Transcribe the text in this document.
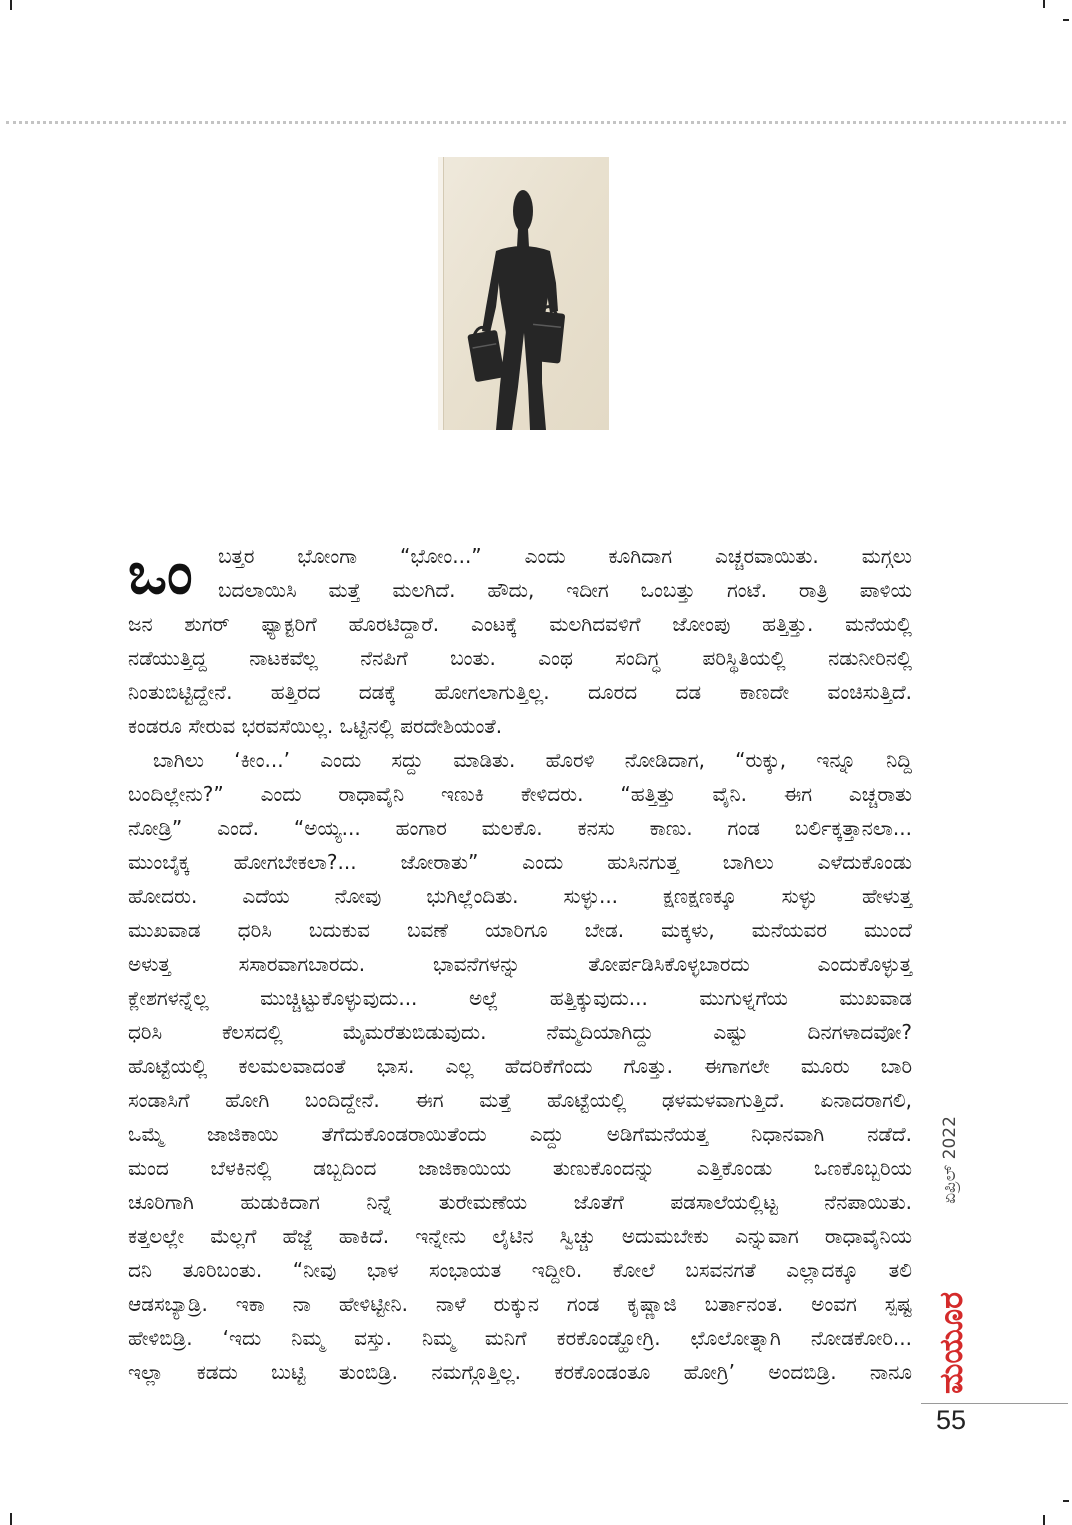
ಒಂ	ಬತ್ತರ ಭೋಂಗಾ “ಭೋಂ...” ಎಂದು ಕೂಗಿದಾಗ ಎಚ್ಚರವಾಯಿತು. ಮಗ್ಗಲು
ಬದಲಾಯಿಸಿ ಮತ್ತೆ ಮಲಗಿದೆ. ಹೌದು, ಇದೀಗ ಒಂಬತ್ತು ಗಂಟೆ. ರಾತ್ರಿ ಪಾಳಿಯ
ಜನ ಶುಗರ್ ಫ್ಯಾಕ್ಟರಿಗೆ ಹೊರಟಿದ್ದಾರೆ. ಎಂಟಕ್ಕೆ ಮಲಗಿದವಳಿಗೆ ಜೋಂಪು ಹತ್ತಿತ್ತು. ಮನೆಯಲ್ಲಿ
ನಡೆಯುತ್ತಿದ್ದ ನಾಟಕವೆಲ್ಲ ನೆನಪಿಗೆ ಬಂತು. ಎಂಥ ಸಂದಿಗ್ಧ ಪರಿಸ್ಥಿತಿಯಲ್ಲಿ ನಡುನೀರಿನಲ್ಲಿ
ನಿಂತುಬಿಟ್ಟಿದ್ದೇನೆ. ಹತ್ತಿರದ ದಡಕ್ಕೆ ಹೋಗಲಾಗುತ್ತಿಲ್ಲ. ದೂರದ ದಡ ಕಾಣದೇ ವಂಚಿಸುತ್ತಿದೆ.
ಕಂಡರೂ ಸೇರುವ ಭರವಸೆಯಿಲ್ಲ. ಒಟ್ಟಿನಲ್ಲಿ ಪರದೇಶಿಯಂತೆ.
ಬಾಗಿಲು ‘ಕೀಂ...’ ಎಂದು ಸದ್ದು ಮಾಡಿತು. ಹೊರಳಿ ನೋಡಿದಾಗ, “ರುಕ್ಕು, ಇನ್ನೂ ನಿದ್ದಿ
ಬಂದಿಲ್ಲೇನು?” ಎಂದು ರಾಧಾವೈನಿ ಇಣುಕಿ ಕೇಳಿದರು. “ಹತ್ತಿತ್ತು ವೈನಿ. ಈಗ ಎಚ್ಚರಾತು
ನೋಡ್ರಿ” ಎಂದೆ. “ಅಯ್ಯ... ಹಂಗಾರ ಮಲಕೊ. ಕನಸು ಕಾಣು. ಗಂಡ ಬರ್ಲಿಕ್ಕತ್ತಾನಲಾ...
ಮುಂಬೈಕ್ಕ ಹೋಗಬೇಕಲಾ?... ಜೋರಾತು” ಎಂದು ಹುಸಿನಗುತ್ತ ಬಾಗಿಲು ಎಳೆದುಕೊಂಡು
ಹೋದರು. ಎದೆಯ ನೋವು ಭುಗಿಲ್ಲೆಂದಿತು. ಸುಳ್ಳು... ಕ್ಷಣಕ್ಷಣಕ್ಕೂ ಸುಳ್ಳು ಹೇಳುತ್ತ
ಮುಖವಾಡ ಧರಿಸಿ ಬದುಕುವ ಬವಣೆ ಯಾರಿಗೂ ಬೇಡ. ಮಕ್ಕಳು, ಮನೆಯವರ ಮುಂದೆ
ಅಳುತ್ತ ಸಸಾರವಾಗಬಾರದು. ಭಾವನೆಗಳನ್ನು ತೋರ್ಪಡಿಸಿಕೊಳ್ಳಬಾರದು ಎಂದುಕೊಳ್ಳುತ್ತ
ಕ್ಲೇಶಗಳನ್ನೆಲ್ಲ ಮುಚ್ಚಿಟ್ಟುಕೊಳ್ಳುವುದು... ಅಲ್ಲೆ ಹತ್ತಿಕ್ಕುವುದು... ಮುಗುಳ್ನಗೆಯ ಮುಖವಾಡ
ಧರಿಸಿ ಕೆಲಸದಲ್ಲಿ ಮೈಮರೆತುಬಿಡುವುದು. ನೆಮ್ಮದಿಯಾಗಿದ್ದು ಎಷ್ಟು ದಿನಗಳಾದವೋ?
ಹೊಟ್ಟೆಯಲ್ಲಿ ಕಲಮಲವಾದಂತೆ ಭಾಸ. ಎಲ್ಲ ಹೆದರಿಕೆಗೆಂದು ಗೊತ್ತು. ಈಗಾಗಲೇ ಮೂರು ಬಾರಿ
ಸಂಡಾಸಿಗೆ ಹೋಗಿ ಬಂದಿದ್ದೇನೆ. ಈಗ ಮತ್ತೆ ಹೊಟ್ಟೆಯಲ್ಲಿ ಢಳಮಳವಾಗುತ್ತಿದೆ. ಏನಾದರಾಗಲಿ,
ಒಮ್ಮೆ ಜಾಜಿಕಾಯಿ ತೆಗೆದುಕೊಂಡರಾಯಿತೆಂದು ಎದ್ದು ಅಡಿಗೆಮನೆಯತ್ತ ನಿಧಾನವಾಗಿ ನಡೆದೆ.
ಮಂದ ಬೆಳಕಿನಲ್ಲಿ ಡಬ್ಬದಿಂದ ಜಾಜಿಕಾಯಿಯ ತುಣುಕೊಂದನ್ನು ಎತ್ತಿಕೊಂಡು ಒಣಕೊಬ್ಬರಿಯ
ಚೂರಿಗಾಗಿ ಹುಡುಕಿದಾಗ ನಿನ್ನೆ ತುರೇಮಣೆಯ ಜೊತೆಗೆ ಪಡಸಾಲೆಯಲ್ಲಿಟ್ಟ ನೆನಪಾಯಿತು.
ಕತ್ತಲಲ್ಲೇ ಮೆಲ್ಲಗೆ ಹೆಜ್ಜೆ ಹಾಕಿದೆ. ಇನ್ನೇನು ಲೈಟಿನ ಸ್ವಿಚ್ಚು ಅದುಮಬೇಕು ಎನ್ನುವಾಗ ರಾಧಾವೈನಿಯ
ದನಿ ತೂರಿಬಂತು. “ನೀವು ಭಾಳ ಸಂಭಾಯತ ಇದ್ದೀರಿ. ಕೋಲೆ ಬಸವನಗತೆ ಎಲ್ಲಾದಕ್ಕೂ ತಲಿ
ಆಡಸಬ್ಯಾಡ್ರಿ. ಇಕಾ ನಾ ಹೇಳಿಟ್ಟೀನಿ. ನಾಳೆ ರುಕ್ಕುನ ಗಂಡ ಕೃಷ್ಣಾಜಿ ಬರ್ತಾನಂತ. ಅಂವಗ ಸ್ಪಷ್ಟ
ಹೇಳಿಬಿಡ್ರಿ. ‘ಇದು ನಿಮ್ಮ ವಸ್ತು. ನಿಮ್ಮ ಮನಿಗೆ ಕರಕೊಂಡ್ಹೋಗ್ರಿ. ಛೊಲೋತ್ನಾಗಿ ನೋಡಕೋರಿ...
ಇಲ್ಲಾ ಕಡದು ಬುಟ್ಟಿ ತುಂಬಿಡ್ರಿ. ನಮಗ್ಗೊತ್ತಿಲ್ಲ. ಕರಕೊಂಡಂತೂ ಹೋಗ್ರಿ’ ಅಂದಬಿಡ್ರಿ. ನಾನೂ
ಏಪ್ರಿಲ್ 2022
ಮಯೂರ
55
